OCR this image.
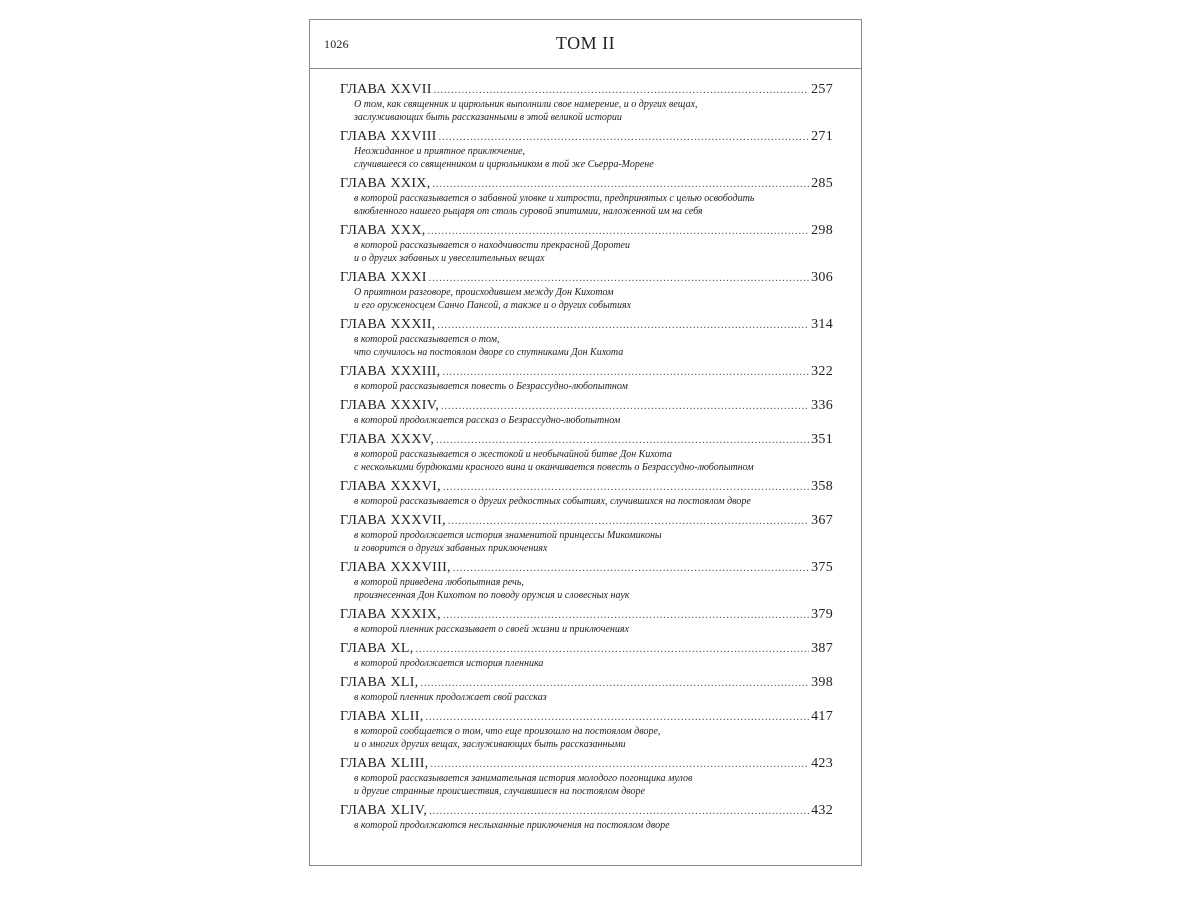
1026	ТОМ II
ГЛАВА XXVII .....	257
О том, как священник и цирюльник выполнили свое намерение, и о других вещах,
заслуживающих быть рассказанными в этой великой истории
ГЛАВА XXVIII .....	271
Неожиданное и приятное приключение,
случившееся со священником и цирюльником в той же Сьерра-Морене
ГЛАВА XXIX, .....	285
в которой рассказывается о забавной уловке и хитрости, предпринятых с целью освободить
влюбленного нашего рыцаря от столь суровой эпитимии, наложенной им на себя
ГЛАВА XXX, .....	298
в которой рассказывается о находчивости прекрасной Доротеи
и о других забавных и увеселительных вещах
ГЛАВА XXXI .....	306
О приятном разговоре, происходившем между Дон Кихотом
и его оруженосцем Санчо Пансой, а также и о других событиях
ГЛАВА XXXII, .....	314
в которой рассказывается о том,
что случилось на постоялом дворе со спутниками Дон Кихота
ГЛАВА XXXIII, .....	322
в которой рассказывается повесть о Безрассудно-любопытном
ГЛАВА XXXIV, .....	336
в которой продолжается рассказ о Безрассудно-любопытном
ГЛАВА XXXV, .....	351
в которой рассказывается о жестокой и необычайной битве Дон Кихота
с несколькими бурдюками красного вина и оканчивается повесть о Безрассудно-любопытном
ГЛАВА XXXVI, .....	358
в которой рассказывается о других редкостных событиях, случившихся на постоялом дворе
ГЛАВА XXXVII, .....	367
в которой продолжается история знаменитой принцессы Микомиконы
и говорится о других забавных приключениях
ГЛАВА XXXVIII, .....	375
в которой приведена любопытная речь,
произнесенная Дон Кихотом по поводу оружия и словесных наук
ГЛАВА XXXIX, .....	379
в которой пленник рассказывает о своей жизни и приключениях
ГЛАВА XL, .....	387
в которой продолжается история пленника
ГЛАВА XLI, .....	398
в которой пленник продолжает свой рассказ
ГЛАВА XLII, .....	417
в которой сообщается о том, что еще произошло на постоялом дворе,
и о многих других вещах, заслуживающих быть рассказанными
ГЛАВА XLIII, .....	423
в которой рассказывается занимательная история молодого погонщика мулов
и другие странные происшествия, случившиеся на постоялом дворе
ГЛАВА XLIV, .....	432
в которой продолжаются неслыханные приключения на постоялом дворе
